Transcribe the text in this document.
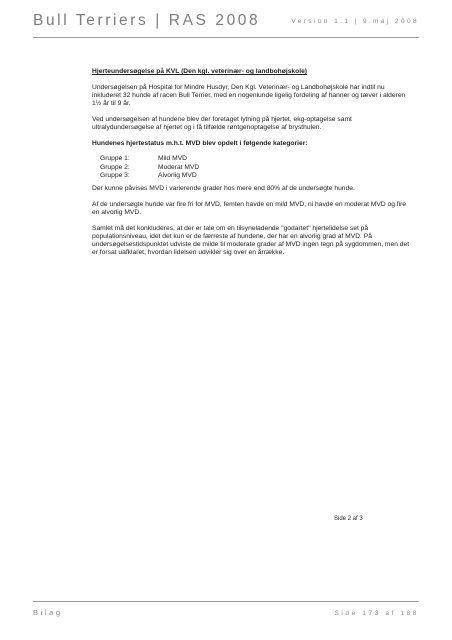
Bull Terriers | RAS 2008	Version 1.1 | 9.maj 2008

Hjerteundersøgelse på KVL (Den kgl. veterinær- og landbohøjskole)

Undersøgelsen på Hospital for Mindre Husdyr, Den Kgl. Veterinær- og Landbohøjskole har indtil nu inkluderet 32 hunde af racen Bull Terrier, med en nogenlunde ligelig fordeling af hanner og tæver i alderen 1½ år til 9 år.

Ved undersøgelsen af hundene blev der foretaget lytning på hjertet, ekg-optagelse samt ultralydundersøgelse af hjertet og i få tilfælde røntgenoptagelse af brysthulen.

Hundenes hjertestatus m.h.t. MVD blev opdelt i følgende kategorier:

Gruppe 1:	Mild MVD
Gruppe 2:	Moderat MVD
Gruppe 3:	Alvorlig MVD

Der kunne påvises MVD i varierende grader hos mere end 80% af de undersøgte hunde.

Af de undersøgte hunde var fire fri for MVD, femten havde en mild MVD, ni havde en moderat MVD og fire en alvorlig MVD.

Samlet må det konkluderes, at der er tale om en tilsyneladende "godartet" hjertelidelse set på populationsniveau, idet det kun er de færreste af hundene, der har en alvorlig grad af MVD. På undersøgelsestidspunktet udviste de milde til moderate grader af MVD ingen tegn på sygdommen, men det er forsat uafklaret, hvordan lidelsen udvikler sig over en årrække.

Side 2 af 3
Bilag	Side 173 af 188
